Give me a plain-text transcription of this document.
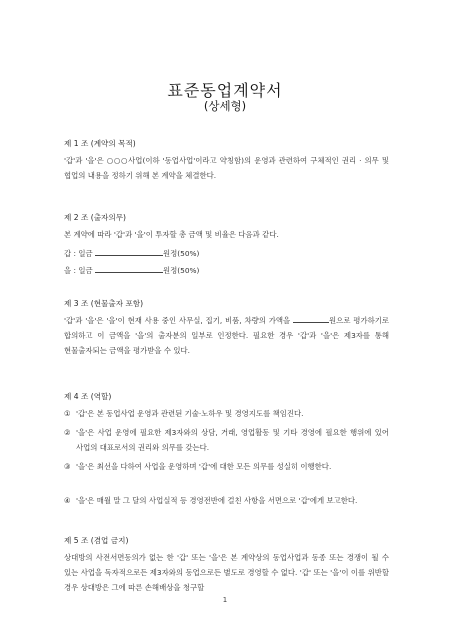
표준동업계약서
(상세형)
제 1 조 (계약의 목적)
'갑'과 '을'은 ○○○사업(이하 '동업사업'이라고 약칭함)의 운영과 관련하여 구체적인 권리 · 의무 및 협업의 내용을 정하기 위해 본 계약을 체결한다.
제 2 조 (출자의무)
본 계약에 따라 '갑'과 '을'이 투자할 총 금액 및 비율은 다음과 같다.
갑 : 일금	원정(50%)
을 : 일금	원정(50%)
제 3 조 (현물출자 포함)
'갑'과 '을'은 '을'이 현재 사용 중인 사무실, 집기, 비품, 차량의 가액을	원으로 평가하기로 합의하고 이 금액을 '을'의 출자분의 일부로 인정한다. 필요한 경우 '갑'과 '을'은 제3자를 통해 현물출자되는 금액을 평가받을 수 있다.
제 4 조 (역할)
① '갑'은 본 동업사업 운영과 관련된 기술·노하우 및 경영지도를 책임진다.
② '을'은 사업 운영에 필요한 제3자와의 상담, 거래, 영업활동 및 기타 경영에 필요한 행위에 있어 사업의 대표로서의 권리와 의무를 갖는다.
③ '을'은 최선을 다하여 사업을 운영하며 '갑'에 대한 모든 의무를 성실히 이행한다.
④ '을'은 매월 말 그 달의 사업실적 등 경영전반에 걸친 사항을 서면으로 '갑'에게 보고한다.
제 5 조 (겸업 금지)
상대방의 사전서면동의가 없는 한 '갑' 또는 '을'은 본 계약상의 동업사업과 동종 또는 경쟁이 될 수 있는 사업을 독자적으로든 제3자와의 동업으로든 별도로 경영할 수 없다. '갑' 또는 '을'이 이를 위반할 경우 상대방은 그에 따른 손해배상을 청구할
1
